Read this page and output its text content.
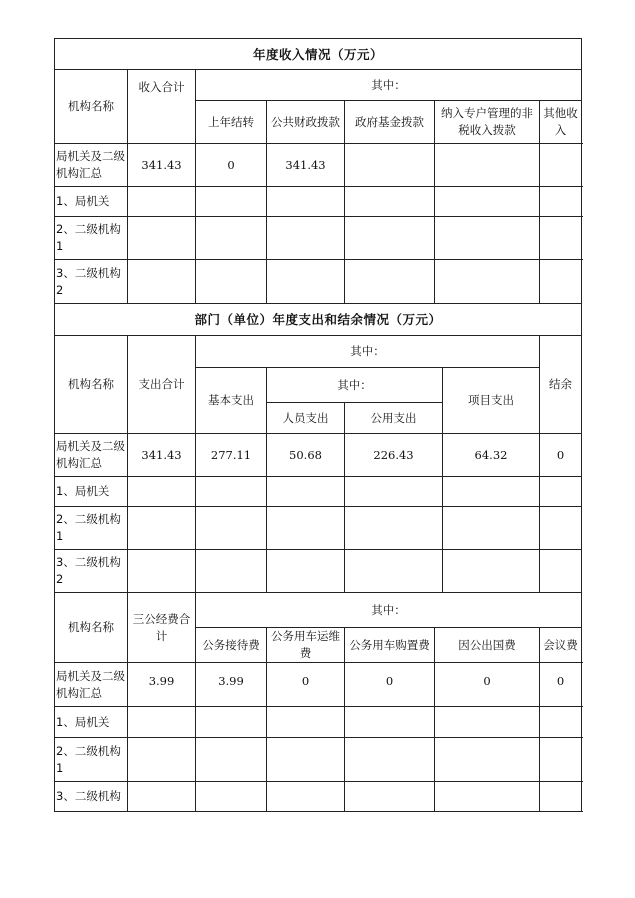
年度收入情况（万元）							
机构名称	收入合计	其中：					
		上年结转	公共财政拨款	政府基金拨款	纳入专户管理的非税收入拨款		其他收入
局机关及二级机构汇总	341.43	0	341.43				
1、局机关							
2、二级机构1							
3、二级机构2							
部门（单位）年度支出和结余情况（万元）							
机构名称	支出合计	其中：					结余
		基本支出	其中：			项目支出	
			人员支出	公用支出			
局机关及二级机构汇总	341.43	277.11	50.68	226.43		64.32	0
1、局机关							
2、二级机构1							
3、二级机构2							
机构名称	三公经费合计	其中：					
		公务接待费	公务用车运维费	公务用车购置费	因公出国费		会议费
局机关及二级机构汇总	3.99	3.99	0	0	0		0
1、局机关							
2、二级机构1							
3、二级机构							
